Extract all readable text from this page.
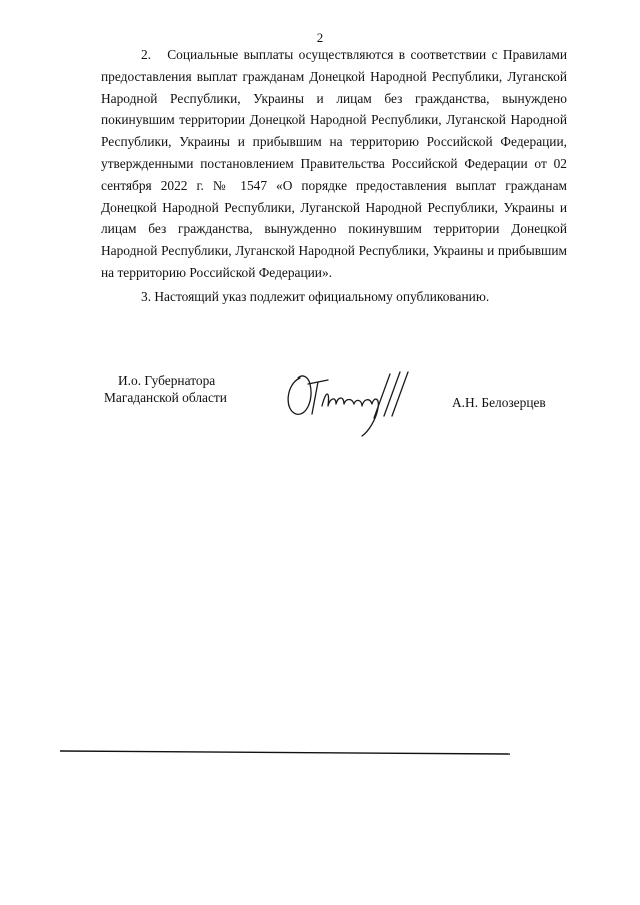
2

2.   Социальные выплаты осуществляются в соответствии с Правилами предоставления выплат гражданам Донецкой Народной Республики, Луганской Народной Республики, Украины и лицам без гражданства, вынуждено покинувшим территории Донецкой Народной Республики, Луганской Народной Республики, Украины и прибывшим на территорию Российской Федерации, утвержденными постановлением Правительства Российской Федерации от 02 сентября 2022 г. № 1547 «О порядке предоставления выплат гражданам Донецкой Народной Республики, Луганской Народной Республики, Украины и лицам без гражданства, вынужденно покинувшим территории Донецкой Народной Республики, Луганской Народной Республики, Украины и прибывшим на территорию Российской Федерации».

3. Настоящий указ подлежит официальному опубликованию.

И.о. Губернатора
Магаданской области	А.Н. Белозерцев
